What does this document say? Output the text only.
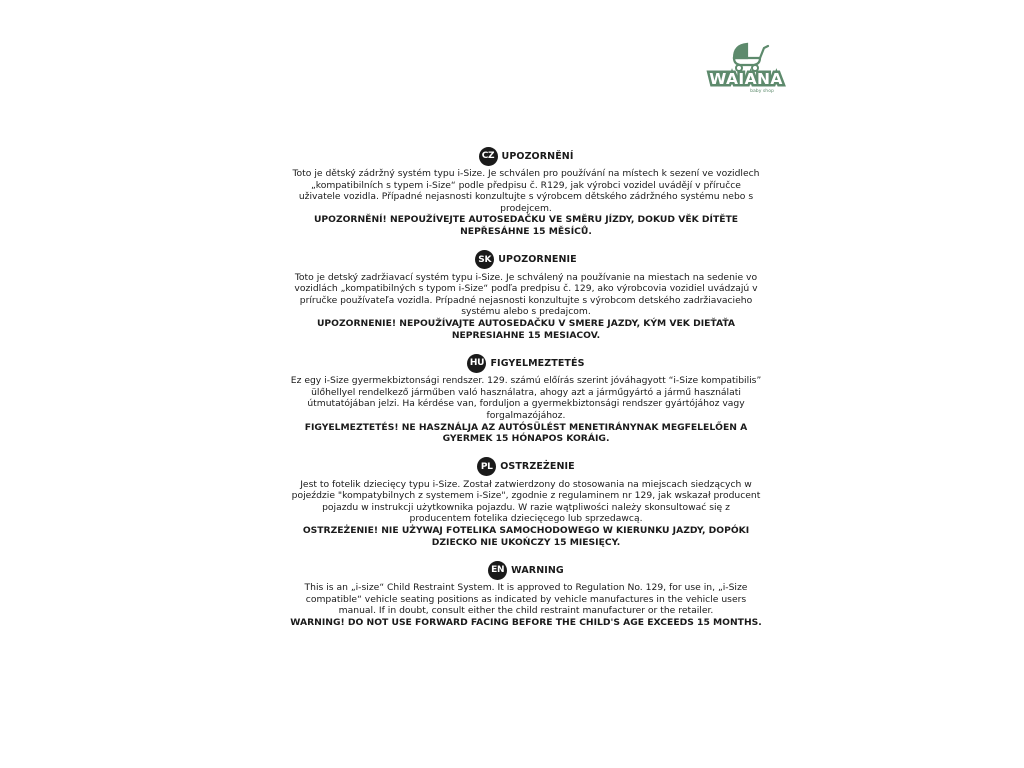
WAIANA
baby shop
CZ UPOZORNĚNÍ
Toto je dětský zádržný systém typu i-Size. Je schválen pro používání na místech k sezení ve vozidlech „kompatibilních s typem i-Size“ podle předpisu č. R129, jak výrobci vozidel uvádějí v příručce uživatele vozidla. Případné nejasnosti konzultujte s výrobcem dětského zádržného systému nebo s prodejcem.
UPOZORNĚNÍ! NEPOUŽÍVEJTE AUTOSEDAČKU VE SMĚRU JÍZDY, DOKUD VĚK DÍTĚTE NEPŘESÁHNE 15 MĚSÍCŮ.
SK UPOZORNENIE
Toto je detský zadržiavací systém typu i-Size. Je schválený na používanie na miestach na sedenie vo vozidlách „kompatibilných s typom i-Size“ podľa predpisu č. 129, ako výrobcovia vozidiel uvádzajú v príručke používateľa vozidla. Prípadné nejasnosti konzultujte s výrobcom detského zadržiavacieho systému alebo s predajcom.
UPOZORNENIE! NEPOUŽÍVAJTE AUTOSEDAČKU V SMERE JAZDY, KÝM VEK DIEŤAŤA NEPRESIAHNE 15 MESIACOV.
HU FIGYELMEZTETÉS
Ez egy i-Size gyermekbiztonsági rendszer. 129. számú előírás szerint jóváhagyott “i-Size kompatibilis” ülőhellyel rendelkező járműben való használatra, ahogy azt a járműgyártó a jármű használati útmutatójában jelzi. Ha kérdése van, forduljon a gyermekbiztonsági rendszer gyártójához vagy forgalmazójához.
FIGYELMEZTETÉS! NE HASZNÁLJA AZ AUTÓSÜLÉST MENETIRÁNYNAK MEGFELELŐEN A GYERMEK 15 HÓNAPOS KORÁIG.
PL OSTRZEŻENIE
Jest to fotelik dziecięcy typu i-Size. Został zatwierdzony do stosowania na miejscach siedzących w pojeździe "kompatybilnych z systemem i-Size", zgodnie z regulaminem nr 129, jak wskazał producent pojazdu w instrukcji użytkownika pojazdu. W razie wątpliwości należy skonsultować się z producentem fotelika dziecięcego lub sprzedawcą.
OSTRZEŻENIE! NIE UŻYWAJ FOTELIKA SAMOCHODOWEGO W KIERUNKU JAZDY, DOPÓKI DZIECKO NIE UKOŃCZY 15 MIESIĘCY.
EN WARNING
This is an „i-size“ Child Restraint System. It is approved to Regulation No. 129, for use in, „i-Size compatible“ vehicle seating positions as indicated by vehicle manufactures in the vehicle users manual. If in doubt, consult either the child restraint manufacturer or the retailer.
WARNING! DO NOT USE FORWARD FACING BEFORE THE CHILD'S AGE EXCEEDS 15 MONTHS.
